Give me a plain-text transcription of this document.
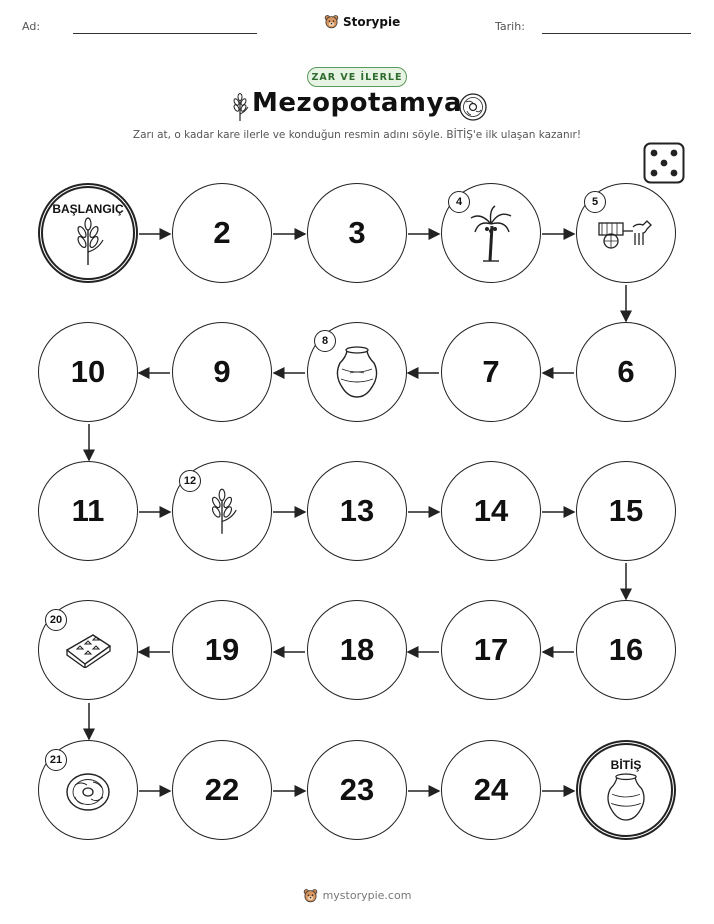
Ad:	Storypie	Tarih:
ZAR VE İLERLE
Mezopotamya
Zarı at, o kadar kare ilerle ve konduğun resmin adını söyle. BİTİŞ'e ilk ulaşan kazanır!
BAŞLANGIÇ
2	3
4	5
10	9
8
7	6
11
12
13	14	15
20
19	18	17	16
21
22	23	24
BİTİŞ
mystorypie.com
